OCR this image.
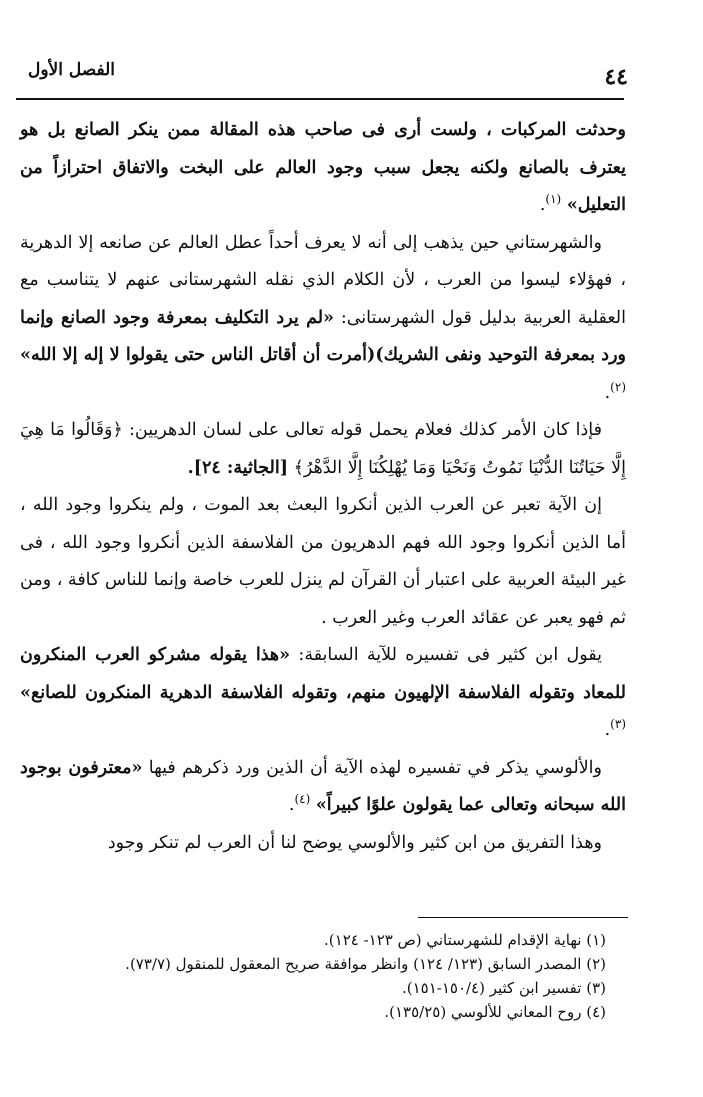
الفصل الأول	٤٤

وحدثت المركبات ، ولست أرى فى صاحب هذه المقالة ممن ينكر الصانع بل هو يعترف بالصانع ولكنه يجعل سبب وجود العالم على البخت والاتفاق احترازاً من التعليل» $^{(١)}$.

والشهرستاني حين يذهب إلى أنه لا يعرف أحداً عطل العالم عن صانعه إلا الدهرية ، فهؤلاء ليسوا من العرب ، لأن الكلام الذي نقله الشهرستانى عنهم لا يتناسب مع العقلية العربية بدليل قول الشهرستانى: «لم يرد التكليف بمعرفة وجود الصانع وإنما ورد بمعرفة التوحيد ونفى الشريك)(أمرت أن أقاتل الناس حتى يقولوا لا إله إلا الله» $^{(٢)}$.

فإذا كان الأمر كذلك فعلام يحمل قوله تعالى على لسان الدهريين: ﴿وَقَالُوا مَا هِيَ إِلَّا حَيَاتُنَا الدُّنْيَا نَمُوتُ وَنَحْيَا وَمَا يُهْلِكُنَا إِلَّا الدَّهْرُ﴾ [الجاثية: ٢٤].

إن الآية تعبر عن العرب الذين أنكروا البعث بعد الموت ، ولم ينكروا وجود الله ، أما الذين أنكروا وجود الله فهم الدهريون من الفلاسفة الذين أنكروا وجود الله ، فى غير البيئة العربية على اعتبار أن القرآن لم ينزل للعرب خاصة وإنما للناس كافة ، ومن ثم فهو يعبر عن عقائد العرب وغير العرب .

يقول ابن كثير فى تفسيره للآية السابقة: «هذا يقوله مشركو العرب المنكرون للمعاد وتقوله الفلاسفة الإلهيون منهم، وتقوله الفلاسفة الدهرية المنكرون للصانع» $^{(٣)}$.

والألوسي يذكر في تفسيره لهذه الآية أن الذين ورد ذكرهم فيها «معترفون بوجود الله سبحانه وتعالى عما يقولون علوًا كبيراً» $^{(٤)}$.

وهذا التفريق من ابن كثير والألوسي يوضح لنا أن العرب لم تنكر وجود

(١) نهاية الإقدام للشهرستاني (ص ١٢٣- ١٢٤).
(٢) المصدر السابق (١٢٣/ ١٢٤) وانظر موافقة صريح المعقول للمنقول (٧٣/٧).
(٣) تفسير ابن كثير (١٥٠/٤-١٥١).
(٤) روح المعاني للألوسي (١٣٥/٢٥).
